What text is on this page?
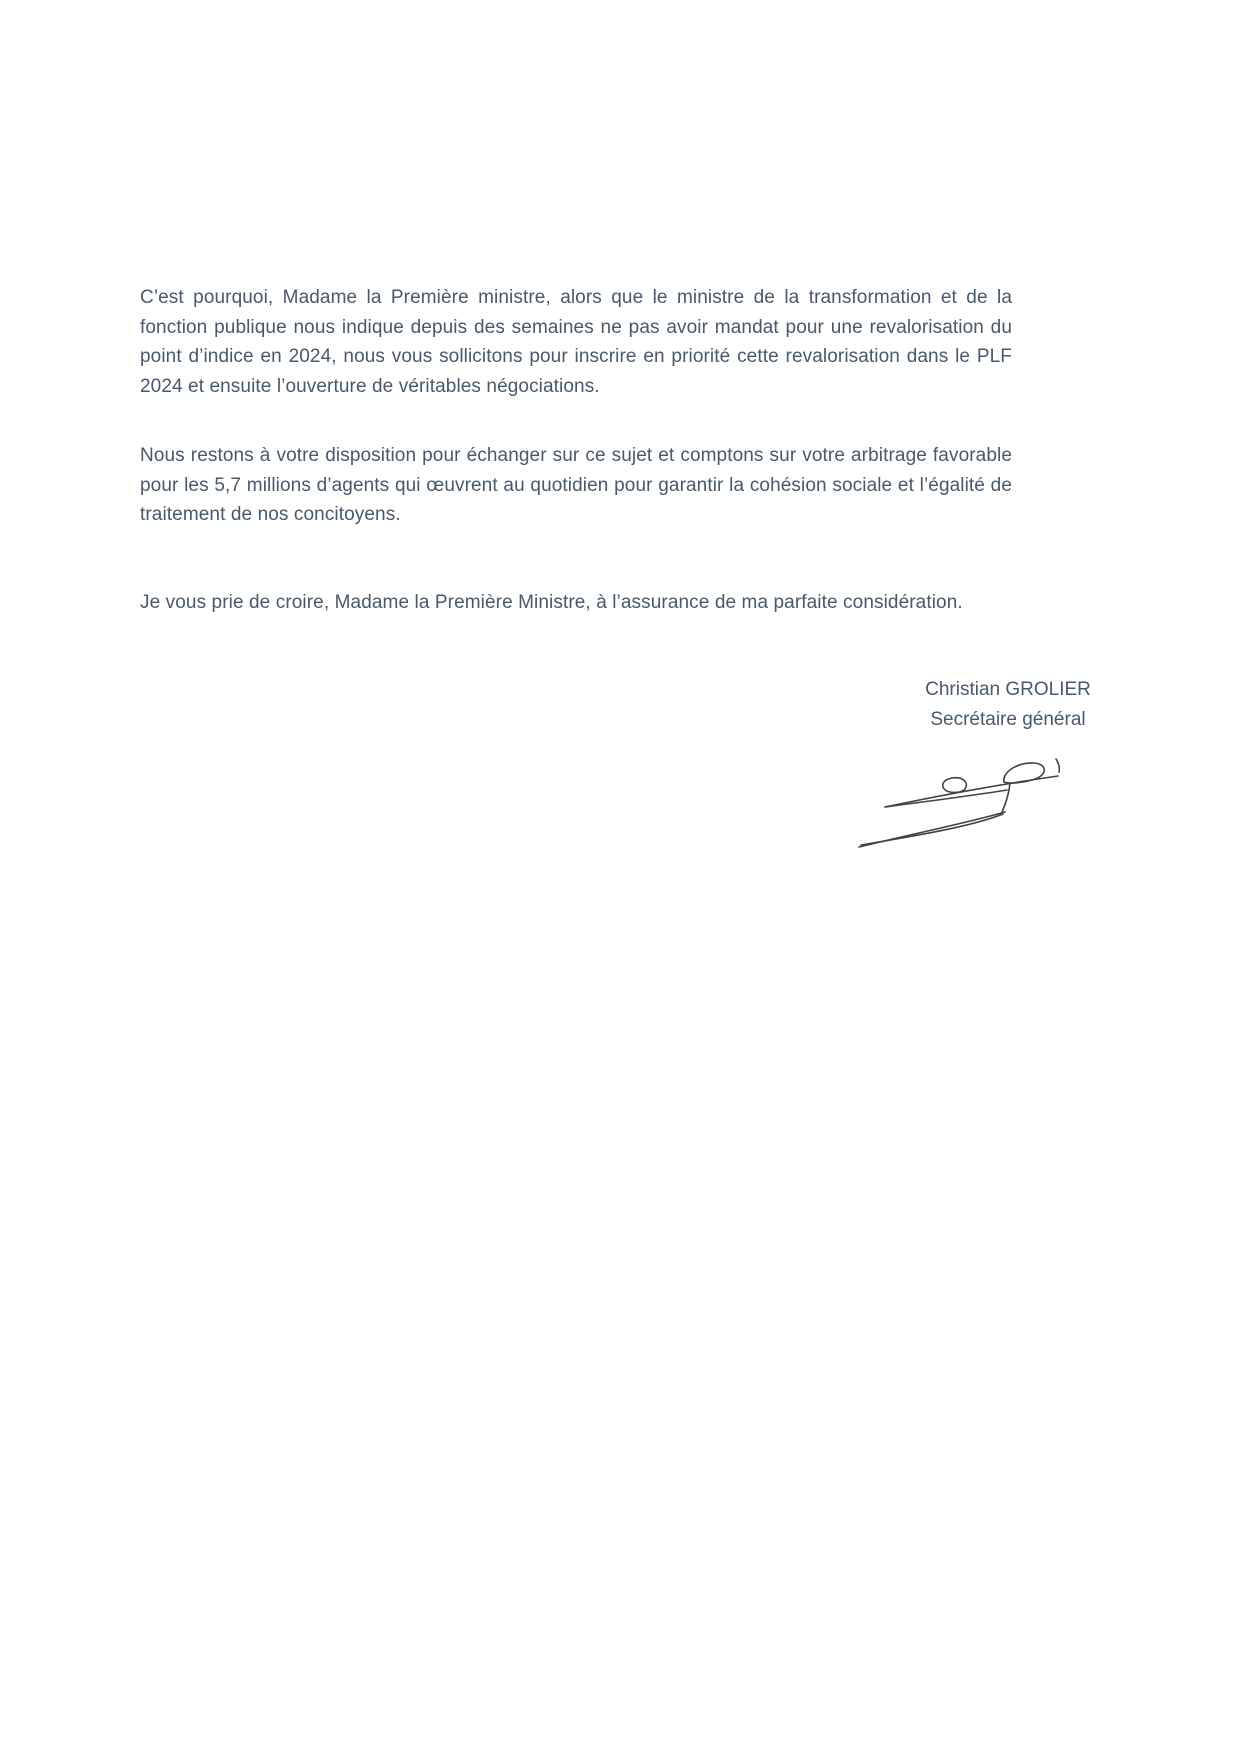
C’est pourquoi, Madame la Première ministre, alors que le ministre de la transformation et de la fonction publique nous indique depuis des semaines ne pas avoir mandat pour une revalorisation du point d’indice en 2024, nous vous sollicitons pour inscrire en priorité cette revalorisation dans le PLF 2024 et ensuite l’ouverture de véritables négociations.

Nous restons à votre disposition pour échanger sur ce sujet et comptons sur votre arbitrage favorable pour les 5,7 millions d’agents qui œuvrent au quotidien pour garantir la cohésion sociale et l’égalité de traitement de nos concitoyens.

Je vous prie de croire, Madame la Première Ministre, à l’assurance de ma parfaite considération.

Christian GROLIER
Secrétaire général
